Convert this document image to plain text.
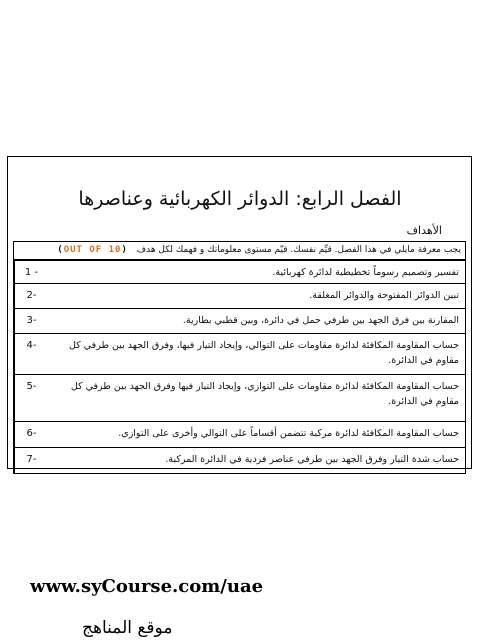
الفصل الرابع: الدوائر الكهربائية وعناصرها
الأهداف
يجب معرفة مايلي في هذا الفصل. قيِّم نفسك. قيّم مستوى معلوماتك و فهمك لكل هدف (OUT OF 10)
1 -	تفسير وتصميم رسوماً تخطيطية لدائرة كهربائية.
2-	تبين الدوائر المفتوحة والدوائر المغلقة.
3-	المقارنة بين فرق الجهد بين طرفي حمل في دائرة، وبين قطبي بطارية.
4-	حساب المقاومة المكافئة لدائرة مقاومات على التوالي، وإيجاد التيار فيها، وفرق الجهد بين طرفي كل مقاوم في الدائرة.
5-	حساب المقاومة المكافئة لدائرة مقاومات على التوازي، وإيجاد التيار فيها وفرق الجهد بين طرفي كل مقاوم في الدائرة.
6-	حساب المقاومة المكافئة لدائرة مركبة تتضمن أقساماً على التوالي وأخرى على التوازي.
7-	حساب شدة التيار وفرق الجهد بين طرفي عناصر فردية في الدائرة المركبة.
www.syCourse.com/uae
موقع المناهج
